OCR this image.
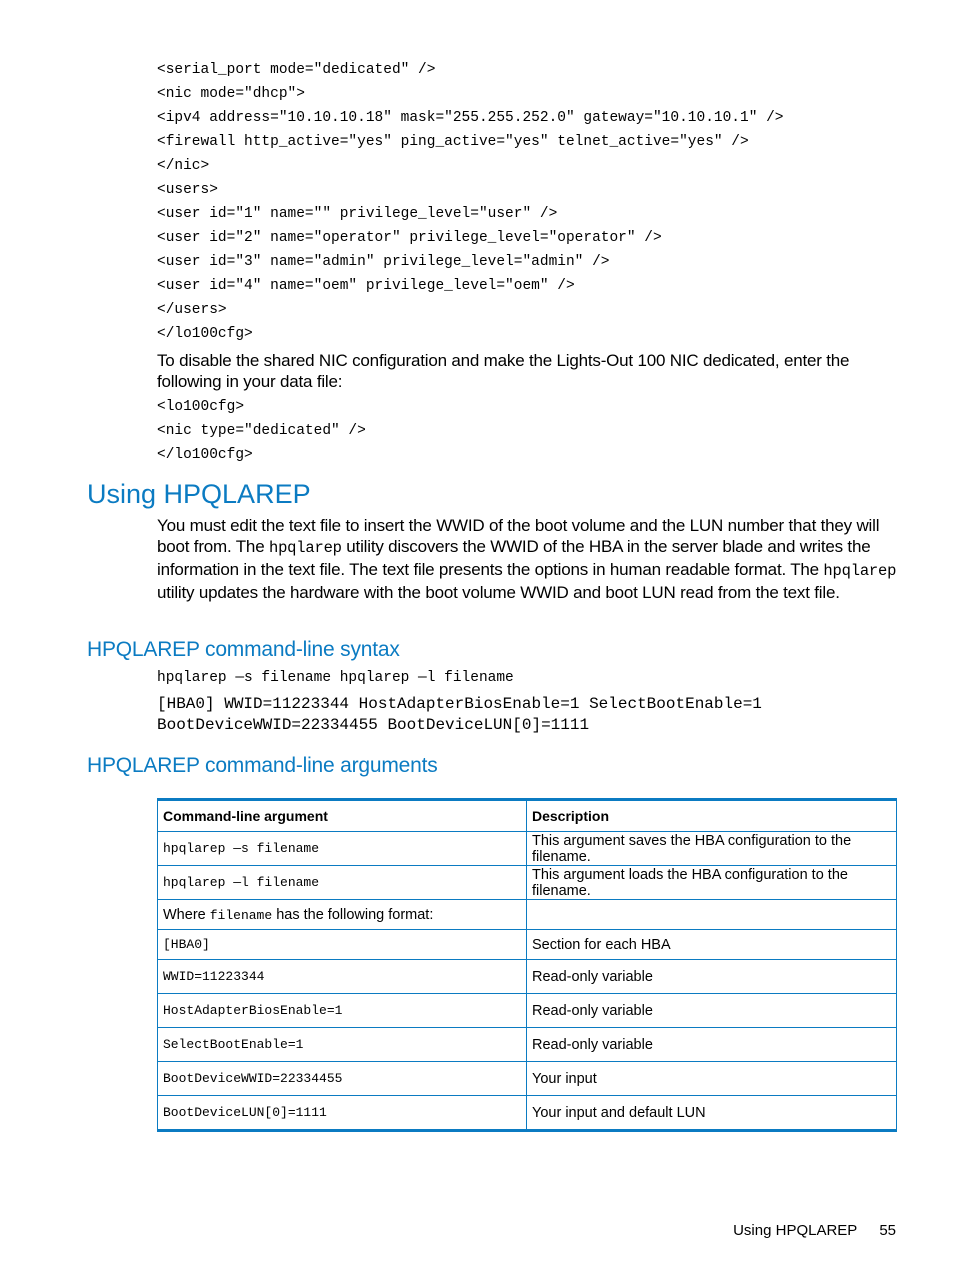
<serial_port mode="dedicated" />
<nic mode="dhcp">
<ipv4 address="10.10.10.18" mask="255.255.252.0" gateway="10.10.10.1" />
<firewall http_active="yes" ping_active="yes" telnet_active="yes" />
</nic>
<users>
<user id="1" name="" privilege_level="user" />
<user id="2" name="operator" privilege_level="operator" />
<user id="3" name="admin" privilege_level="admin" />
<user id="4" name="oem" privilege_level="oem" />
</users>
</lo100cfg>
To disable the shared NIC configuration and make the Lights-Out 100 NIC dedicated, enter the following in your data file:
<lo100cfg>
<nic type="dedicated" />
</lo100cfg>
Using HPQLAREP
You must edit the text file to insert the WWID of the boot volume and the LUN number that they will boot from. The hpqlarep utility discovers the WWID of the HBA in the server blade and writes the information in the text file. The text file presents the options in human readable format. The hpqlarep utility updates the hardware with the boot volume WWID and boot LUN read from the text file.
HPQLAREP command-line syntax
hpqlarep —s filename hpqlarep —l filename
[HBA0] WWID=11223344 HostAdapterBiosEnable=1 SelectBootEnable=1
BootDeviceWWID=22334455 BootDeviceLUN[0]=1111
HPQLAREP command-line arguments
Command-line argument	Description
hpqlarep —s filename	This argument saves the HBA configuration to the filename.
hpqlarep —l filename	This argument loads the HBA configuration to the filename.
Where filename has the following format:	
[HBA0]	Section for each HBA
WWID=11223344	Read-only variable
HostAdapterBiosEnable=1	Read-only variable
SelectBootEnable=1	Read-only variable
BootDeviceWWID=22334455	Your input
BootDeviceLUN[0]=1111	Your input and default LUN
Using HPQLAREP 55
